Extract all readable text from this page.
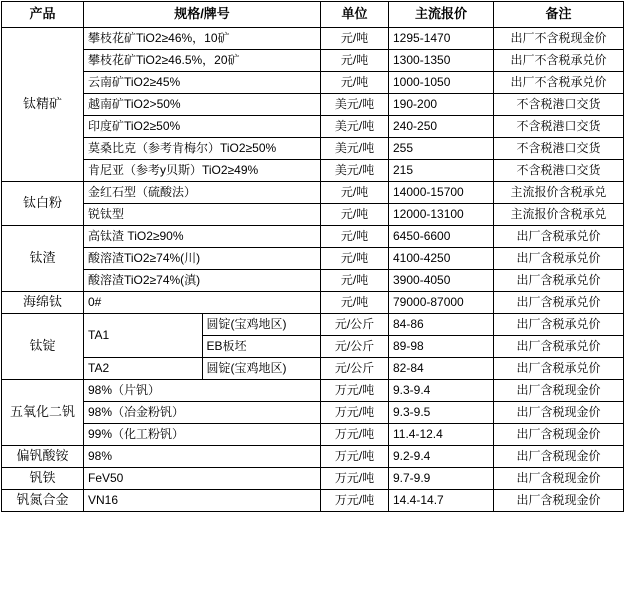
产品	规格/牌号		单位	主流报价	备注
钛精矿	攀枝花矿TiO2≥46%，10矿		元/吨	1295-1470	出厂不含税现金价
	攀枝花矿TiO2≥46.5%，20矿		元/吨	1300-1350	出厂不含税承兑价
	云南矿TiO2≥45%		元/吨	1000-1050	出厂不含税承兑价
	越南矿TiO2>50%		美元/吨	190-200	不含税港口交货
	印度矿TiO2≥50%		美元/吨	240-250	不含税港口交货
	莫桑比克（参考肯梅尔）TiO2≥50%		美元/吨	255	不含税港口交货
	肯尼亚（参考у贝斯）TiO2≥49%		美元/吨	215	不含税港口交货
钛白粉	金红石型（硫酸法）		元/吨	14000-15700	主流报价含税承兑
	锐钛型		元/吨	12000-13100	主流报价含税承兑
钛渣	高钛渣 TiO2≥90%		元/吨	6450-6600	出厂含税承兑价
	酸溶渣TiO2≥74%(川)		元/吨	4100-4250	出厂含税承兑价
	酸溶渣TiO2≥74%(滇)		元/吨	3900-4050	出厂含税承兑价
海绵钛	0#		元/吨	79000-87000	出厂含税承兑价
钛锭	TA1	圆锭(宝鸡地区)	元/公斤	84-86	出厂含税承兑价
		EB板坯	元/公斤	89-98	出厂含税承兑价
	TA2	圆锭(宝鸡地区)	元/公斤	82-84	出厂含税承兑价
五氧化二钒	98%（片钒）		万元/吨	9.3-9.4	出厂含税现金价
	98%（冶金粉钒）		万元/吨	9.3-9.5	出厂含税现金价
	99%（化工粉钒）		万元/吨	11.4-12.4	出厂含税现金价
偏钒酸铵	98%		万元/吨	9.2-9.4	出厂含税现金价
钒铁	FeV50		万元/吨	9.7-9.9	出厂含税现金价
钒氮合金	VN16		万元/吨	14.4-14.7	出厂含税现金价
